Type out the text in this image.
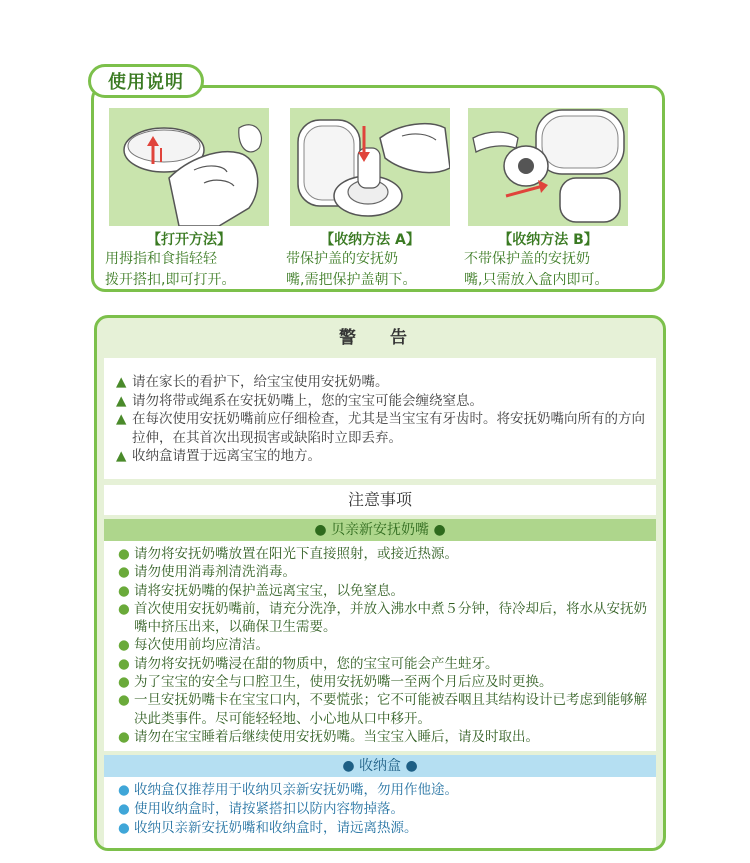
使用说明
【打开方法】
用拇指和食指轻轻
拨开搭扣,即可打开。
【收纳方法 A】
带保护盖的安抚奶
嘴,需把保护盖朝下。
【收纳方法 B】
不带保护盖的安抚奶
嘴,只需放入盒内即可。
警 告
▲ 请在家长的看护下，给宝宝使用安抚奶嘴。
▲ 请勿将带或绳系在安抚奶嘴上，您的宝宝可能会缠绕窒息。
▲ 在每次使用安抚奶嘴前应仔细检查，尤其是当宝宝有牙齿时。将安抚奶嘴向所有的方向拉伸，在其首次出现损害或缺陷时立即丢弃。
▲ 收纳盒请置于远离宝宝的地方。
注意事项
● 贝亲新安抚奶嘴 ●
● 请勿将安抚奶嘴放置在阳光下直接照射，或接近热源。
● 请勿使用消毒剂清洗消毒。
● 请将安抚奶嘴的保护盖远离宝宝，以免窒息。
● 首次使用安抚奶嘴前，请充分洗净，并放入沸水中煮５分钟，待冷却后，将水从安抚奶嘴中挤压出来，以确保卫生需要。
● 每次使用前均应清洁。
● 请勿将安抚奶嘴浸在甜的物质中，您的宝宝可能会产生蛀牙。
● 为了宝宝的安全与口腔卫生，使用安抚奶嘴一至两个月后应及时更换。
● 一旦安抚奶嘴卡在宝宝口内，不要慌张；它不可能被吞咽且其结构设计已考虑到能够解决此类事件。尽可能轻轻地、小心地从口中移开。
● 请勿在宝宝睡着后继续使用安抚奶嘴。当宝宝入睡后，请及时取出。
● 收纳盒 ●
● 收纳盒仅推荐用于收纳贝亲新安抚奶嘴，勿用作他途。
● 使用收纳盒时，请按紧搭扣以防内容物掉落。
● 收纳贝亲新安抚奶嘴和收纳盒时，请远离热源。
